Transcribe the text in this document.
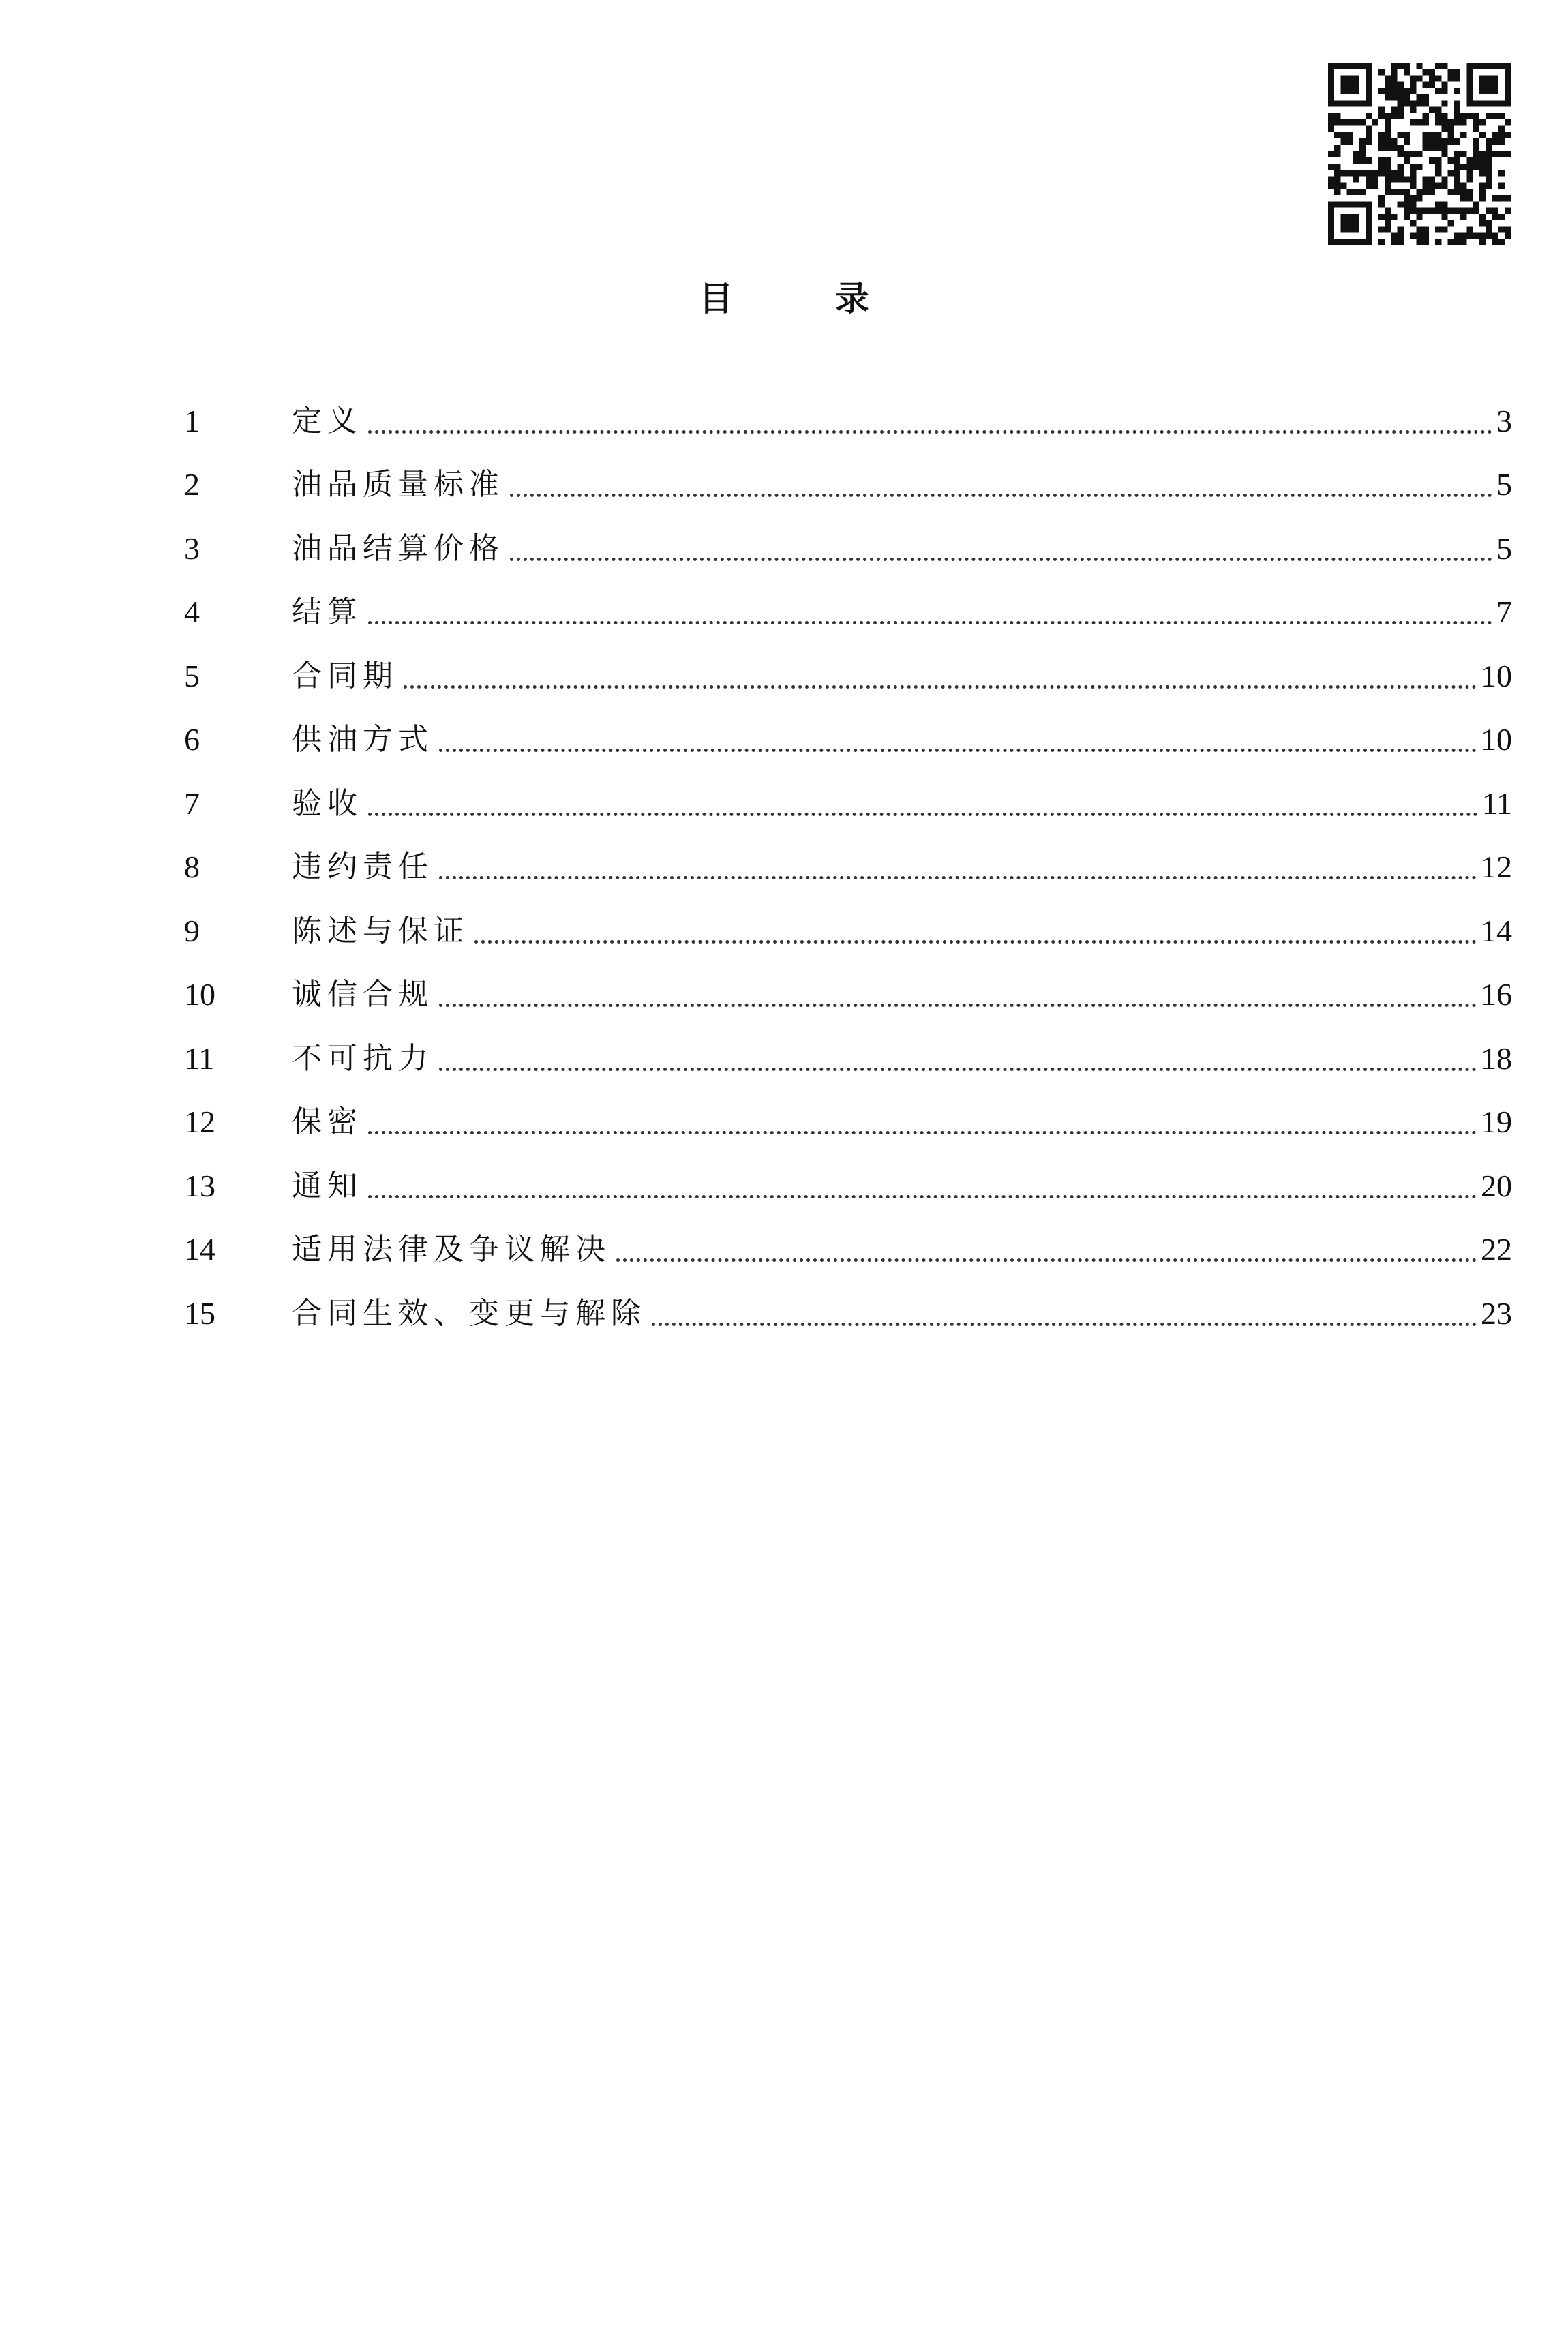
目 录
1	定义	3
2	油品质量标准	5
3	油品结算价格	5
4	结算	7
5	合同期	10
6	供油方式	10
7	验收	11
8	违约责任	12
9	陈述与保证	14
10	诚信合规	16
11	不可抗力	18
12	保密	19
13	通知	20
14	适用法律及争议解决	22
15	合同生效、变更与解除	23
